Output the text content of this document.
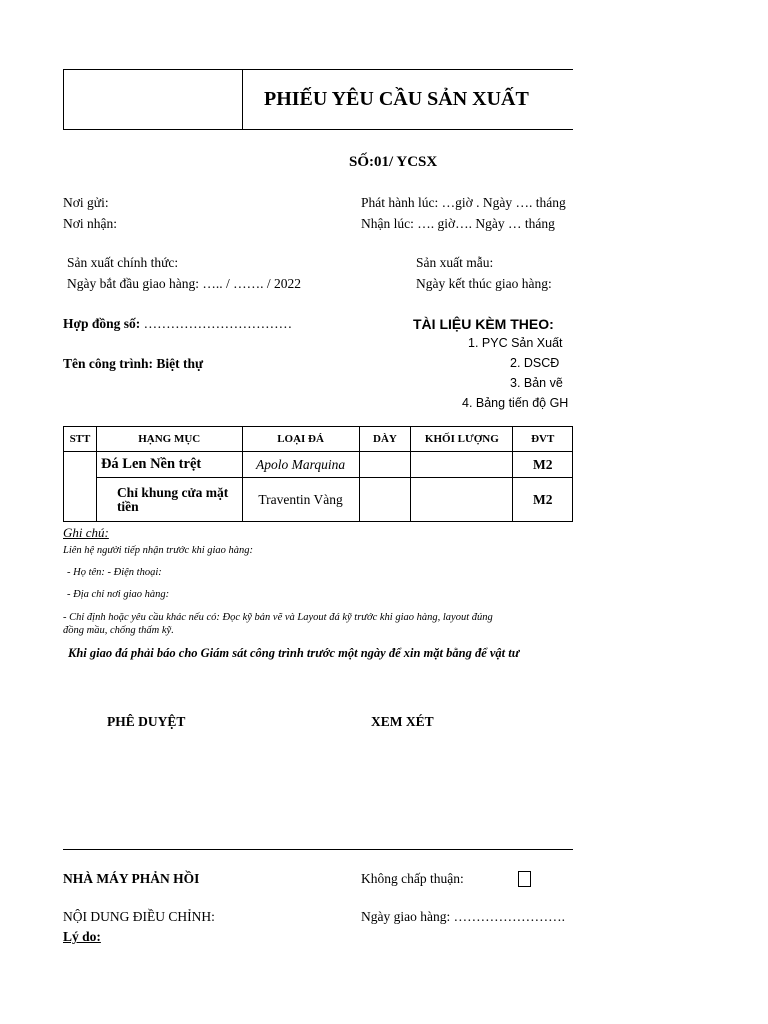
PHIẾU YÊU CẦU SẢN XUẤT
SỐ:01/ YCSX
Nơi gửi:
Nơi nhận:
Phát hành lúc: …giờ . Ngày …. tháng
Nhận lúc: …. giờ…. Ngày … tháng
Sản xuất chính thức:
Ngày bắt đầu giao hàng: ….. / ……. / 2022
Sản xuất mẫu:
Ngày kết thúc giao hàng:
Hợp đồng số: ……………………………
Tên công trình: Biệt thự
TÀI LIỆU KÈM THEO:
1. PYC Sản Xuất
2. DSCĐ
3. Bản vẽ
4. Bảng tiến độ GH
STT	HẠNG MỤC	LOẠI ĐÁ	DÀY	KHỐI LƯỢNG	ĐVT
	Đá Len Nền trệt	Apolo Marquina			M2
	Chỉ khung cửa mặt tiền	Traventin Vàng			M2
Ghi chú:
Liên hệ người tiếp nhận trước khi giao hàng:
- Họ tên: - Điện thoại:
- Địa chỉ nơi giao hàng:
- Chỉ định hoặc yêu cầu khác nếu có: Đọc kỹ bản vẽ và Layout đá kỹ trước khi giao hàng, layout đúng
đồng mầu, chống thấm kỹ.
Khi giao đá phải báo cho Giám sát công trình trước một ngày để xin mặt bằng để vật tư
PHÊ DUYỆT	XEM XÉT
NHÀ MÁY PHẢN HỒI	Không chấp thuận:
NỘI DUNG ĐIỀU CHỈNH:	Ngày giao hàng: …………………….
Lý do:
